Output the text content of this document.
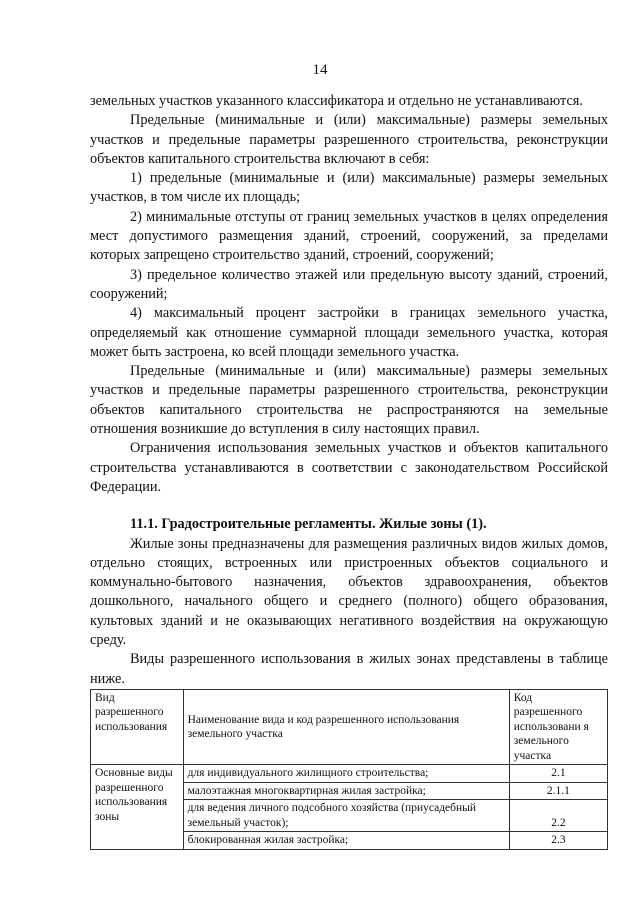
14

земельных участков указанного классификатора и отдельно не устанавливаются.

Предельные (минимальные и (или) максимальные) размеры земельных участков и предельные параметры разрешенного строительства, реконструкции объектов капитального строительства включают в себя:

1) предельные (минимальные и (или) максимальные) размеры земельных участков, в том числе их площадь;

2) минимальные отступы от границ земельных участков в целях определения мест допустимого размещения зданий, строений, сооружений, за пределами которых запрещено строительство зданий, строений, сооружений;

3) предельное количество этажей или предельную высоту зданий, строений, сооружений;

4) максимальный процент застройки в границах земельного участка, определяемый как отношение суммарной площади земельного участка, которая может быть застроена, ко всей площади земельного участка.

Предельные (минимальные и (или) максимальные) размеры земельных участков и предельные параметры разрешенного строительства, реконструкции объектов капитального строительства не распространяются на земельные отношения возникшие до вступления в силу настоящих правил.

Ограничения использования земельных участков и объектов капитального строительства устанавливаются в соответствии с законодательством Российской Федерации.

11.1. Градостроительные регламенты. Жилые зоны (1).

Жилые зоны предназначены для размещения различных видов жилых домов, отдельно стоящих, встроенных или пристроенных объектов социального и коммунально-бытового назначения, объектов здравоохранения, объектов дошкольного, начального общего и среднего (полного) общего образования, культовых зданий и не оказывающих негативного воздействия на окружающую среду.

Виды разрешенного использования в жилых зонах представлены в таблице ниже.

Вид разрешенного использования	Наименование вида и код разрешенного использования земельного участка	Код разрешенного использовани я земельного участка
Основные виды разрешенного использования зоны	для индивидуального жилищного строительства;	2.1
	малоэтажная многоквартирная жилая застройка;	2.1.1
	для ведения личного подсобного хозяйства (приусадебный земельный участок);	2.2
	блокированная жилая застройка;	2.3
